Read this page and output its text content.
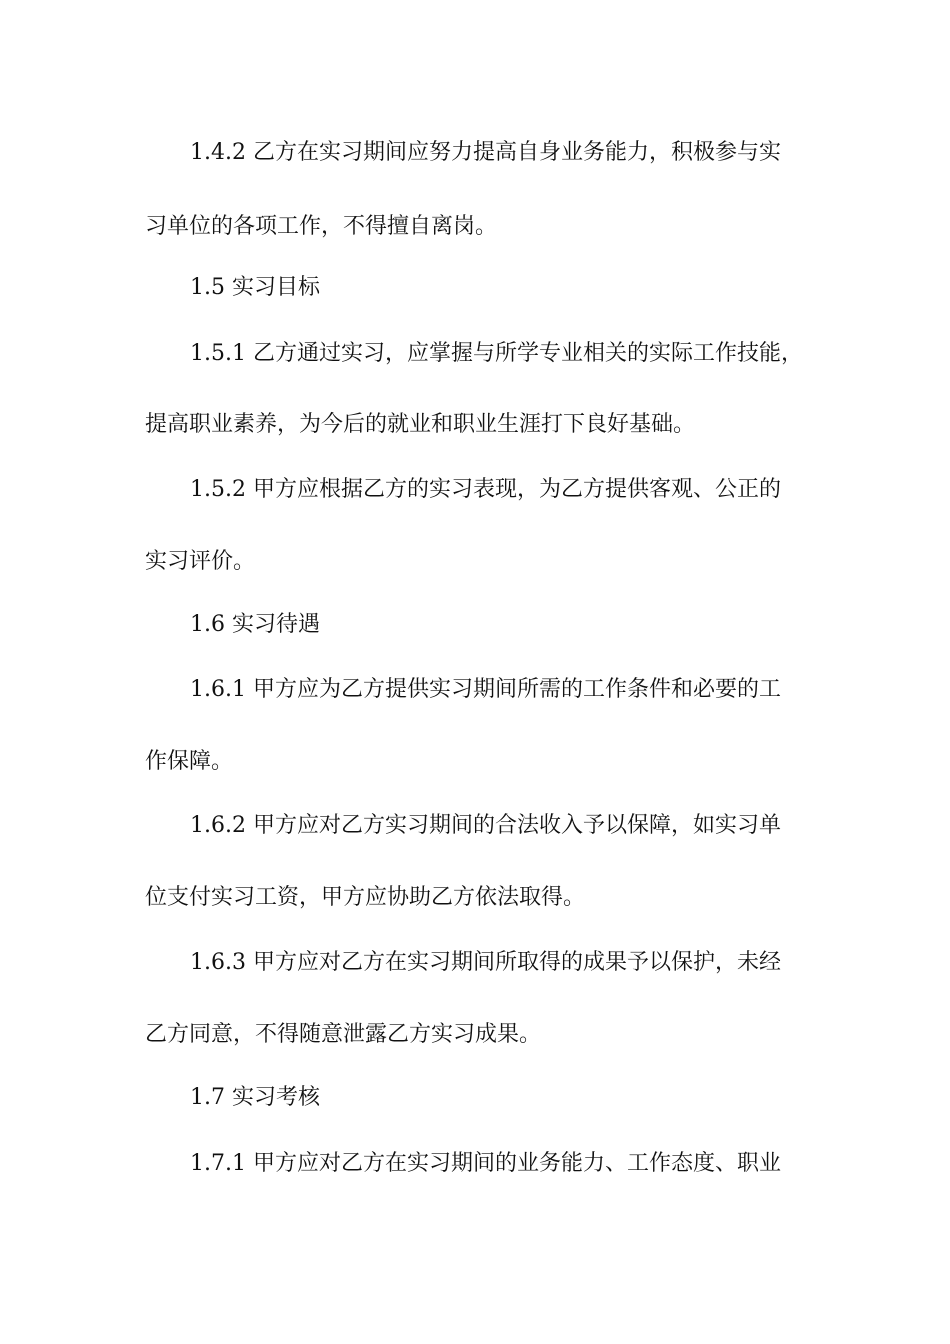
1.4.2 乙方在实习期间应努力提高自身业务能力，积极参与实
习单位的各项工作，不得擅自离岗。
1.5 实习目标
1.5.1 乙方通过实习，应掌握与所学专业相关的实际工作技能，
提高职业素养，为今后的就业和职业生涯打下良好基础。
1.5.2 甲方应根据乙方的实习表现，为乙方提供客观、公正的
实习评价。
1.6 实习待遇
1.6.1 甲方应为乙方提供实习期间所需的工作条件和必要的工
作保障。
1.6.2 甲方应对乙方实习期间的合法收入予以保障，如实习单
位支付实习工资，甲方应协助乙方依法取得。
1.6.3 甲方应对乙方在实习期间所取得的成果予以保护，未经
乙方同意，不得随意泄露乙方实习成果。
1.7 实习考核
1.7.1 甲方应对乙方在实习期间的业务能力、工作态度、职业
